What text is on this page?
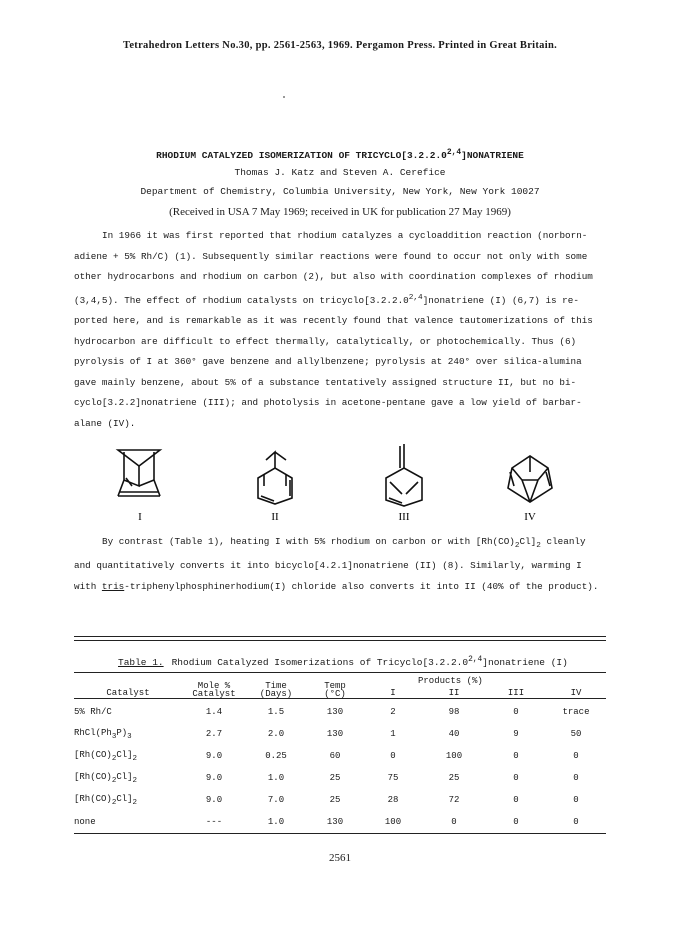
Tetrahedron Letters No.30, pp. 2561-2563, 1969. Pergamon Press. Printed in Great Britain.
RHODIUM CATALYZED ISOMERIZATION OF TRICYCLO[3.2.2.0$^{2,4}$]NONATRIENE
Thomas J. Katz and Steven A. Cerefice
Department of Chemistry, Columbia University, New York, New York 10027
(Received in USA 7 May 1969; received in UK for publication 27 May 1969)
In 1966 it was first reported that rhodium catalyzes a cycloaddition reaction (norborn-
adiene + 5% Rh/C) (1). Subsequently similar reactions were found to occur not only with some
other hydrocarbons and rhodium on carbon (2), but also with coordination complexes of rhodium
(3,4,5). The effect of rhodium catalysts on tricyclo[3.2.2.0$^{2,4}$]nonatriene (I) (6,7) is re-
ported here, and is remarkable as it was recently found that valence tautomerizations of this
hydrocarbon are difficult to effect thermally, catalytically, or photochemically. Thus (6)
pyrolysis of I at 360° gave benzene and allylbenzene; pyrolysis at 240° over silica-alumina
gave mainly benzene, about 5% of a substance tentatively assigned structure II, but no bi-
cyclo[3.2.2]nonatriene (III); and photolysis in acetone-pentane gave a low yield of barbar-
alane (IV).
I	II	III	IV
By contrast (Table 1), heating I with 5% rhodium on carbon or with $[Rh(CO)_2Cl]_2$ cleanly
and quantitatively converts it into bicyclo[4.2.1]nonatriene (II) (8). Similarly, warming I
with tris-triphenylphosphinerhodium(I) chloride also converts it into II (40% of the product).
Table 1. Rhodium Catalyzed Isomerizations of Tricyclo[3.2.2.0$^{2,4}$]nonatriene (I)
Products (%)
Catalyst	Mole %
Catalyst	Time
(Days)	Temp
(°C)	I	II	III	IV

5% Rh/C	1.4	1.5	130	2	98	0	trace
$RhCl(Ph_3P)_3$	2.7	2.0	130	1	40	9	50
$[Rh(CO)_2Cl]_2$	9.0	0.25	60	0	100	0	0
$[Rh(CO)_2Cl]_2$	9.0	1.0	25	75	25	0	0
$[Rh(CO)_2Cl]_2$	9.0	7.0	25	28	72	0	0
none	---	1.0	130	100	0	0	0
2561
